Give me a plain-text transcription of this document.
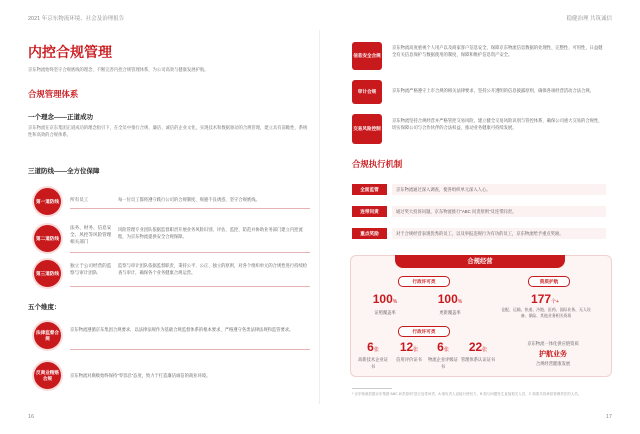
2021 年京东物流环境、社会及治理报告	稳健治理 共筑诚信
内控合规管理
京东物流始终坚守合规底线的理念，不断完善内控合规管理体系，为公司高效与健康发展护航。
合规管理体系
一个理念——正道成功
京东物流在京东集团正道成功的理念指引下，在全员中推行合规、廉洁、诚信的企业文化，实现技术和数据驱动的合规管理，建立具有前瞻性、系统性和高效的合规体系。
三道防线——全方位保障
第一道防线	所有员工	每一位员工都将遵守践行公司的合规制度，规避不良诱惑，坚守合规底线。
第二道防线
法务、财务、信息安全、风控等风险管理相关部门
风险管理专业团队依据监督职责开展业务风险识别、评估、监控、防范并协助业务部门建立内控流程，为京东物流提供安全合规保障。
第三道防线
独立于公司经营的监察与审计团队
监察与审计团队依据监督职责，秉持公平、公正、独立的原则，对各个组织单元的合规性进行持续检查与审计，确保各个业务健康合规运营。
五个维度：
法律监督合规
京东物流遵循京东集团合规要求，以法律法规作为基础合规监督体系的根本要求，严格遵守各类法律法规和监管要求。
反商业贿赂合规	京东物流对腐败始终保持“零容忍”态度，致力于打造廉洁诚信的商业环境。
16
信息安全合规
京东物流高度重视个人用户以及商家客户信息安全，保障京东物流信息数据的处理性、完整性、可用性，日益健全有关信息保护与数据使用的制度，保障和维护信息资产安全。
审计合规	京东物流严格遵守上市合规的相关法律要求，坚持公开透明的信息披露原则，确保各项经营活动合法合规。
交易风险控制
京东物流坚持合规经营并严格管控交易风险，建立健全交易风险识别与管控体系，确保公司重大交易的合规性，切实保障公司与合作伙伴的合法权益，推动业务健康可持续发展。
合规执行机制
全面监管	京东物流通过深入调查，使各组织单元深入人心。
连带问责	通过奖大投诉问题，京东物流推行“ABC 问责原则”及连带问责。
重点奖励	对于合规经营表现优秀的员工，以及举报违规行为有功的员工，京东物流给予重点奖励。
合规经营
行政许可类	资质护航
100%
证照覆盖率
100%
更新覆盖率
177个+
仓配、运输、快递、冷链、医药、国际业务、无人设备、保险、其他业务相关资质
行政许可类
6张
高新技术企业证书
12张
信用评价证书
6张
物流企业评级证书
22张
管理体系认证证书
京东物流一体化供应链资质
护航业务
合规经营健康发展
* 京东物流依据京东集团“ABC 问责原则”进行连带问责，A 指负责人直接行使权力，B 指与问题发生直接相关人员，C 指需共同承担管理责任的人员。
17
